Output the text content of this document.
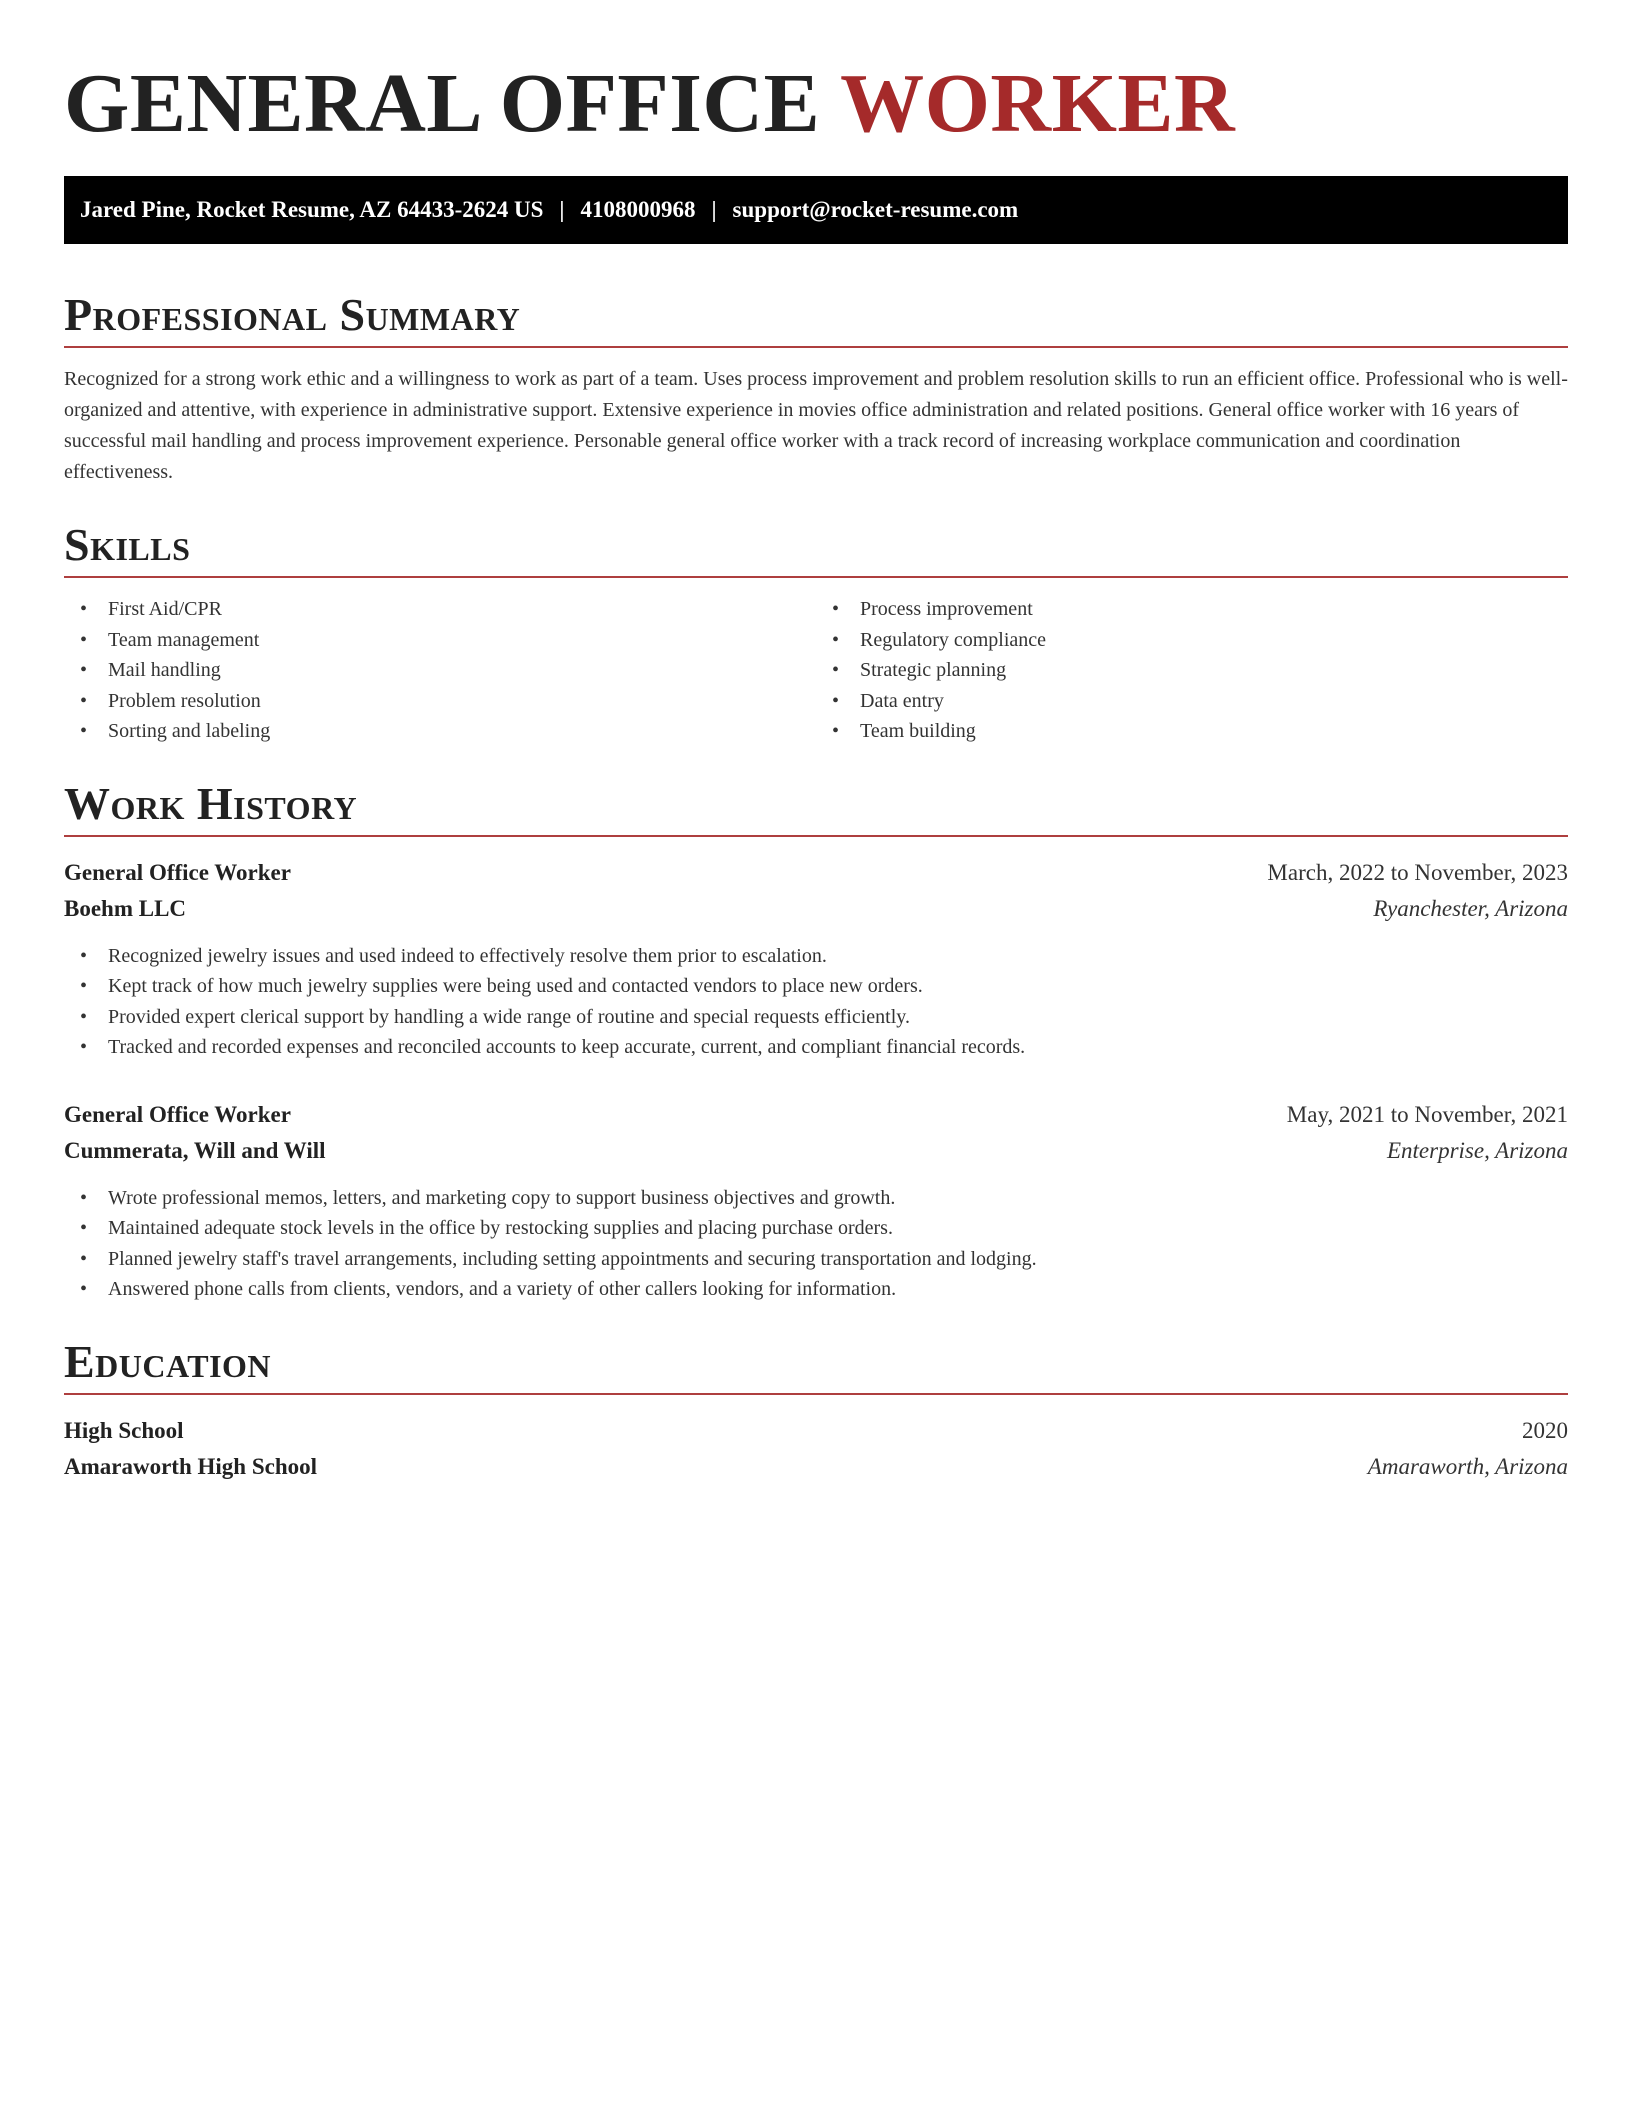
GENERAL OFFICE WORKER
Jared Pine, Rocket Resume, AZ 64433-2624 US | 4108000968 | support@rocket-resume.com
Professional Summary

Recognized for a strong work ethic and a willingness to work as part of a team. Uses process improvement and problem resolution skills to run an efficient office. Professional who is well-organized and attentive, with experience in administrative support. Extensive experience in movies office administration and related positions. General office worker with 16 years of successful mail handling and process improvement experience. Personable general office worker with a track record of increasing workplace communication and coordination effectiveness.

Skills
• First Aid/CPR
• Team management
• Mail handling
• Problem resolution
• Sorting and labeling
• Process improvement
• Regulatory compliance
• Strategic planning
• Data entry
• Team building
Work History
General Office Worker	March, 2022 to November, 2023
Boehm LLC	Ryanchester, Arizona
• Recognized jewelry issues and used indeed to effectively resolve them prior to escalation.
• Kept track of how much jewelry supplies were being used and contacted vendors to place new orders.
• Provided expert clerical support by handling a wide range of routine and special requests efficiently.
• Tracked and recorded expenses and reconciled accounts to keep accurate, current, and compliant financial records.
General Office Worker	May, 2021 to November, 2021
Cummerata, Will and Will	Enterprise, Arizona
• Wrote professional memos, letters, and marketing copy to support business objectives and growth.
• Maintained adequate stock levels in the office by restocking supplies and placing purchase orders.
• Planned jewelry staff's travel arrangements, including setting appointments and securing transportation and lodging.
• Answered phone calls from clients, vendors, and a variety of other callers looking for information.
Education
High School	2020
Amaraworth High School	Amaraworth, Arizona
